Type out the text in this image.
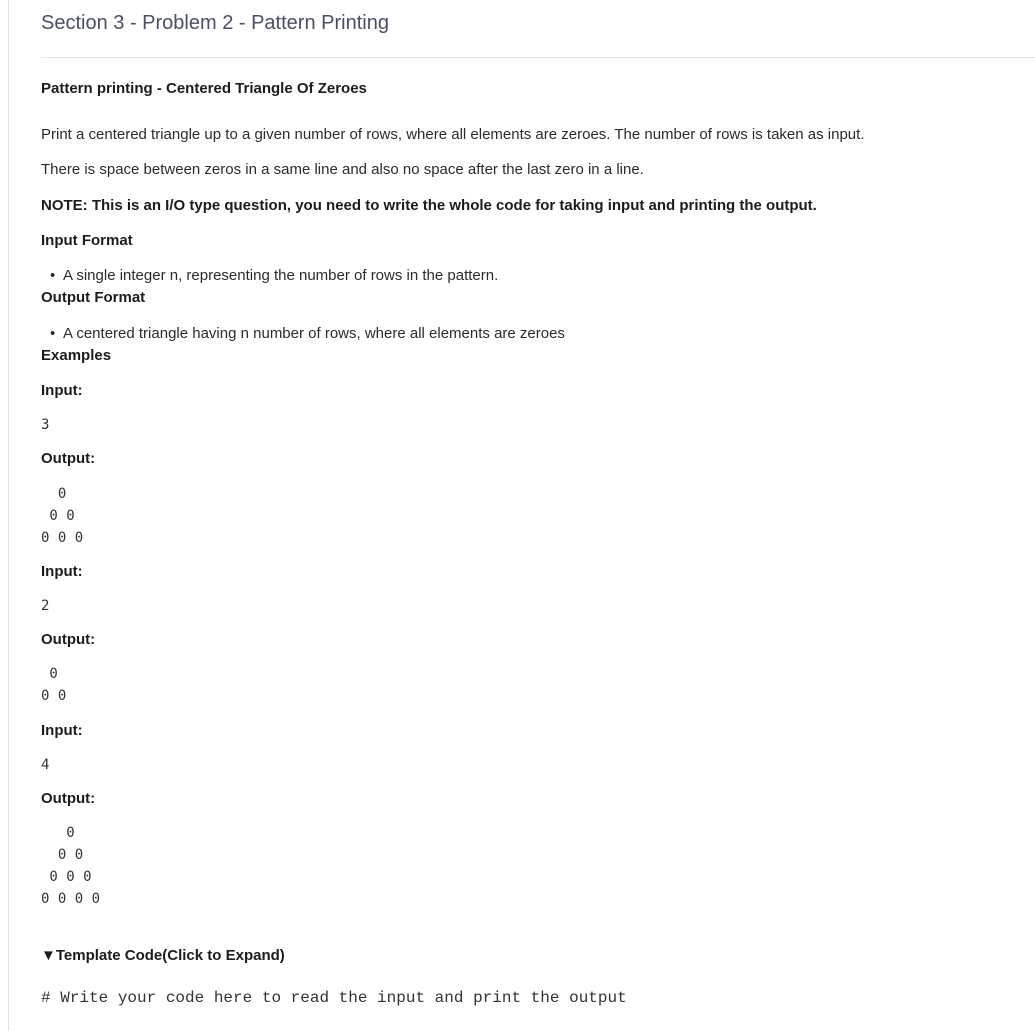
Section 3 - Problem 2 - Pattern Printing
Pattern printing - Centered Triangle Of Zeroes
Print a centered triangle up to a given number of rows, where all elements are zeroes. The number of rows is taken as input.
There is space between zeros in a same line and also no space after the last zero in a line.
NOTE: This is an I/O type question, you need to write the whole code for taking input and printing the output.
Input Format
• A single integer n, representing the number of rows in the pattern.
Output Format
• A centered triangle having n number of rows, where all elements are zeroes
Examples
Input:
3
Output:
0
0 0
0 0 0
Input:
2
Output:
0
0 0
Input:
4
Output:
0
0 0
0 0 0
0 0 0 0
▼Template Code(Click to Expand)
# Write your code here to read the input and print the output
